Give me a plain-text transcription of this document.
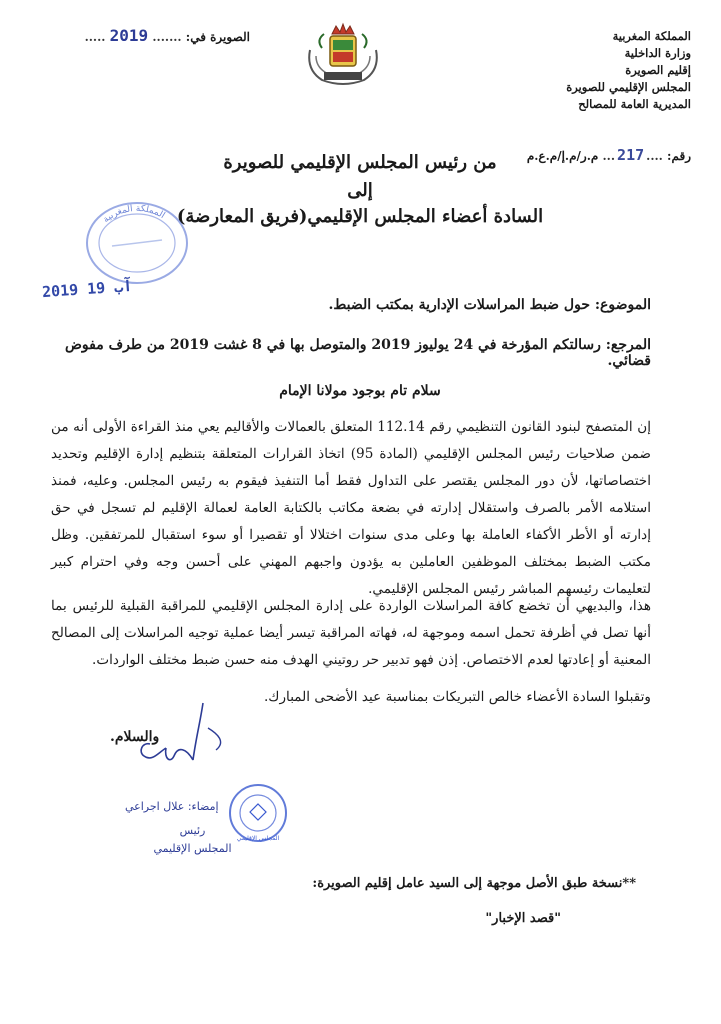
المملكة المغربية
وزارة الداخلية
إقليم الصويرة
المجلس الإقليمي للصويرة
المديرية العامة للمصالح
رقم: ....217... م.ر/م.إ/م.ع.م
الصويرة في: ....... 2019 .....
من رئيس المجلس الإقليمي للصويرة
إلى
السادة أعضاء المجلس الإقليمي(فريق المعارضة)
المملكة المغربية
2019 آب 19
الموضوع: حول ضبط المراسلات الإدارية بمكتب الضبط.
المرجع: رسالتكم المؤرخة في 24 يوليوز 2019 والمتوصل بها في 8 غشت 2019 من طرف مفوض قضائي.
سلام تام بوجود مولانا الإمام
إن المتصفح لبنود القانون التنظيمي رقم 112.14 المتعلق بالعمالات والأقاليم يعي منذ القراءة الأولى أنه من ضمن صلاحيات رئيس المجلس الإقليمي (المادة 95) اتخاذ القرارات المتعلقة بتنظيم إدارة الإقليم وتحديد اختصاصاتها، لأن دور المجلس يقتصر على التداول فقط أما التنفيذ فيقوم به رئيس المجلس. وعليه، فمنذ استلامه الأمر بالصرف واستقلال إدارته في بضعة مكاتب بالكتابة العامة لعمالة الإقليم لم تسجل في حق إدارته أو الأطر الأكفاء العاملة بها وعلى مدى سنوات اختلالا أو تقصيرا أو سوء استقبال للمرتفقين. وظل مكتب الضبط بمختلف الموظفين العاملين به يؤدون واجبهم المهني على أحسن وجه وفي احترام كبير لتعليمات رئيسهم المباشر رئيس المجلس الإقليمي.
هذا، والبديهي أن تخضع كافة المراسلات الواردة على إدارة المجلس الإقليمي للمراقبة القبلية للرئيس بما أنها تصل في أظرفة تحمل اسمه وموجهة له، فهاته المراقبة تيسر أيضا عملية توجيه المراسلات إلى المصالح المعنية أو إعادتها لعدم الاختصاص. إذن فهو تدبير حر روتيني الهدف منه حسن ضبط مختلف الواردات.
وتقبلوا السادة الأعضاء خالص التبريكات بمناسبة عيد الأضحى المبارك.
والسلام.
إمضاء: علال اجراعي
رئيس
المجلس الإقليمي
المجلس الإقليمي
**نسخة طبق الأصل موجهة إلى السيد عامل إقليم الصويرة:
"قصد الإخبار"
